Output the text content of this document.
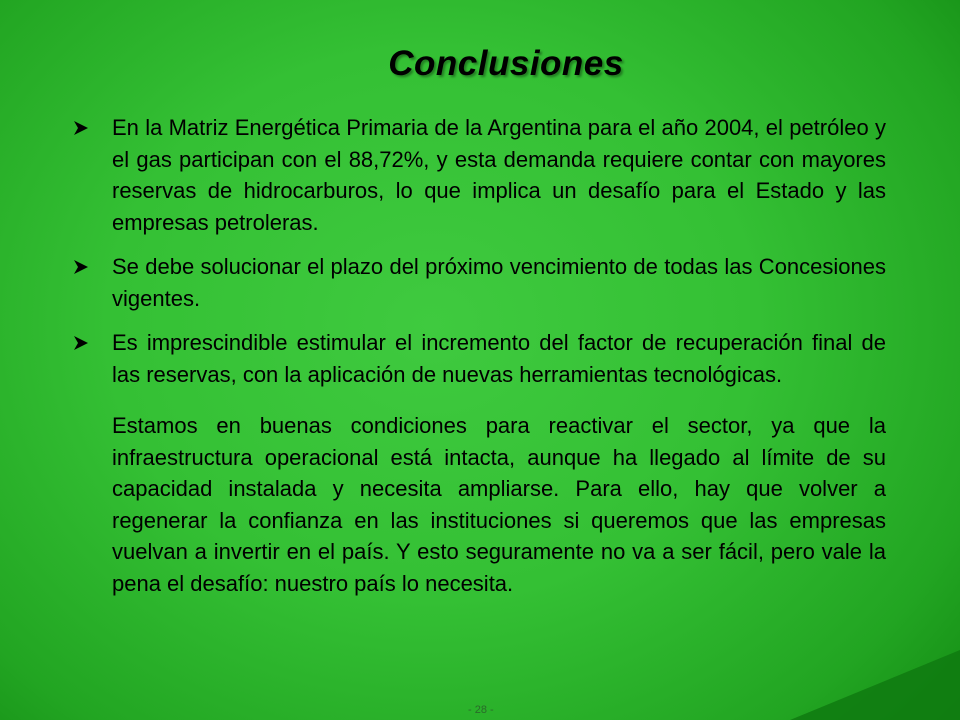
Conclusiones
En la Matriz Energética Primaria de la Argentina para el año 2004, el petróleo y el gas participan con el 88,72%, y esta demanda requiere contar con mayores reservas de hidrocarburos, lo que implica un desafío para el Estado y las empresas petroleras.
Se debe solucionar el plazo del próximo vencimiento de todas las Concesiones vigentes.
Es imprescindible estimular el incremento del factor de recuperación final de las reservas, con la aplicación de nuevas herramientas tecnológicas.
Estamos en buenas condiciones para reactivar el sector, ya que la infraestructura operacional está intacta, aunque ha llegado al límite de su capacidad instalada y necesita ampliarse. Para ello, hay que volver a regenerar la confianza en las instituciones si queremos que las empresas vuelvan a invertir en el país. Y esto seguramente no va a ser fácil, pero vale la pena el desafío: nuestro país lo necesita.
- 28 -
